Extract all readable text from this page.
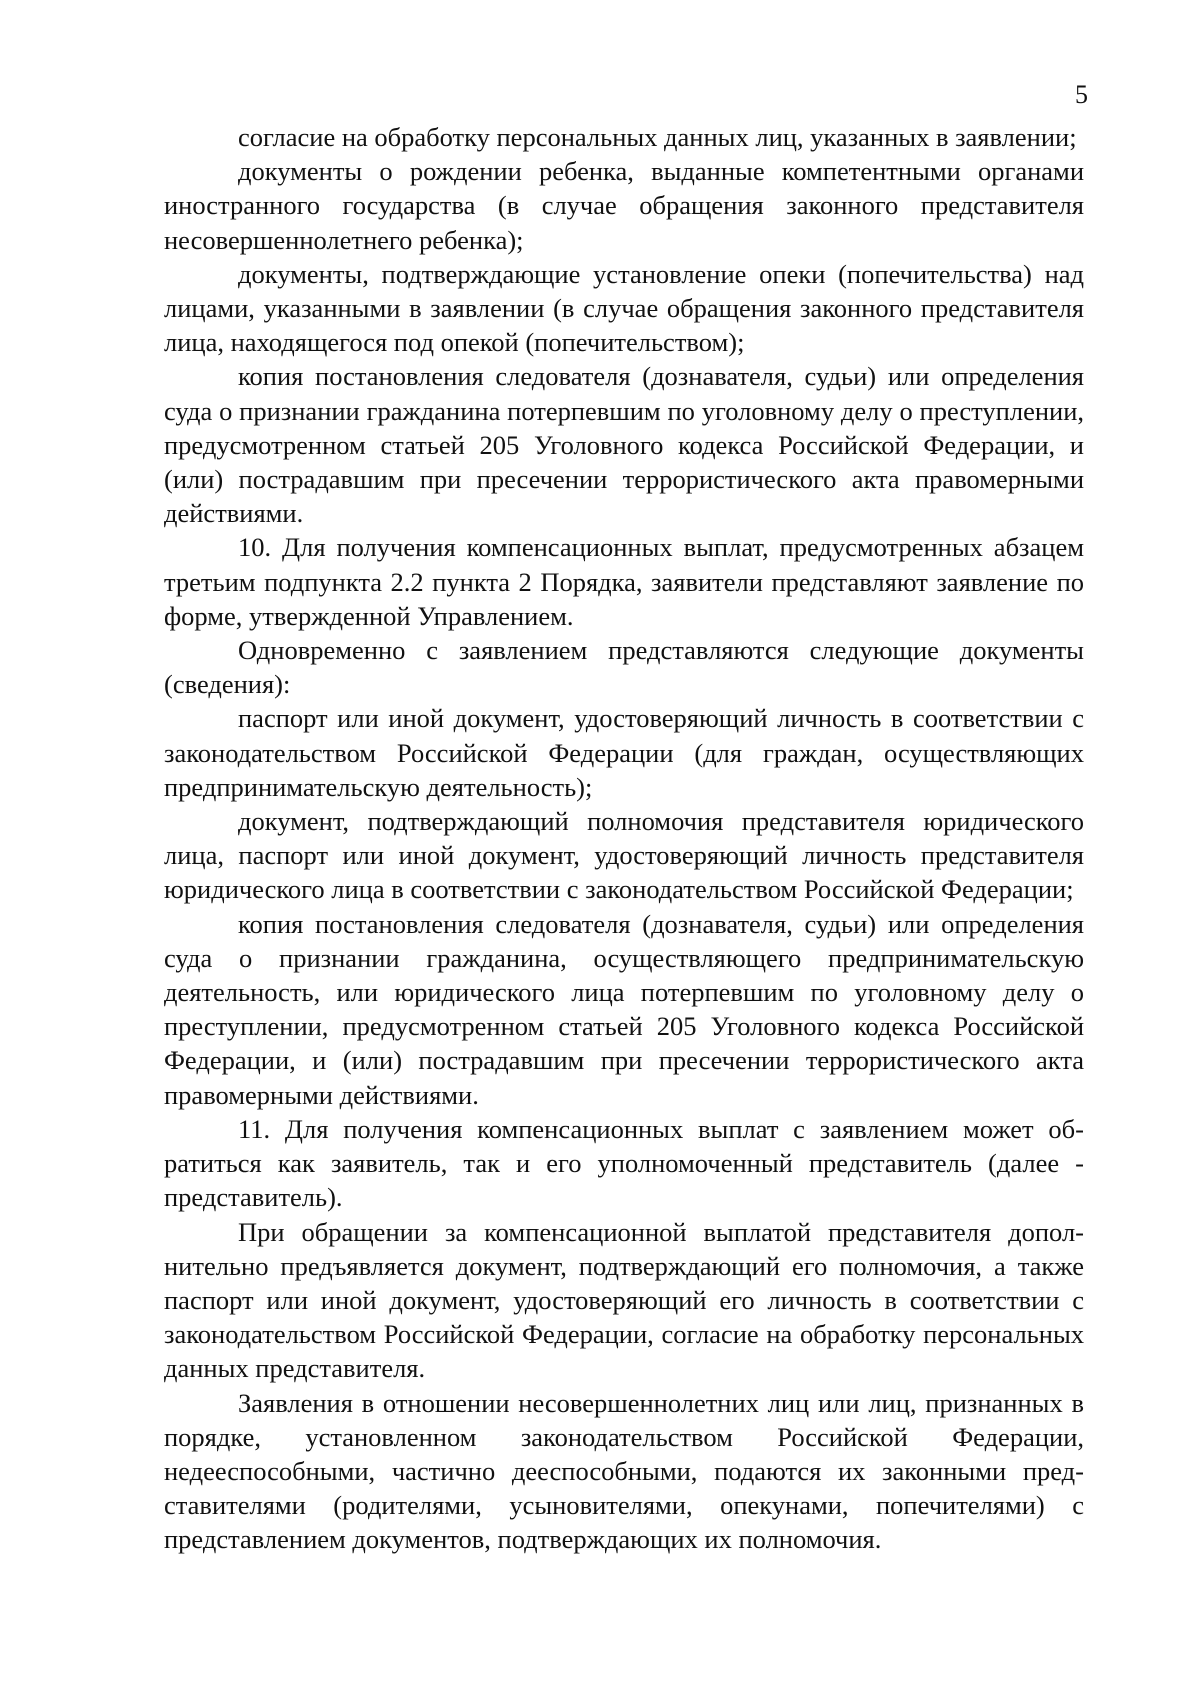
5

согласие на обработку персональных данных лиц, указанных в заявлении;

документы о рождении ребенка, выданные компетентными органами иностранного государства (в случае обращения законного представителя несовершеннолетнего ребенка);

документы, подтверждающие установление опеки (попечительства) над лицами, указанными в заявлении (в случае обращения законного представителя лица, находящегося под опекой (попечительством);

копия постановления следователя (дознавателя, судьи) или определения суда о признании гражданина потерпевшим по уголовному делу о преступлении, предусмотренном статьей 205 Уголовного кодекса Российской Федерации, и (или) пострадавшим при пресечении террористического акта правомерными действиями.

10. Для получения компенсационных выплат, предусмотренных абзацем третьим подпункта 2.2 пункта 2 Порядка, заявители представляют заявление по форме, утвержденной Управлением.

Одновременно с заявлением представляются следующие документы (сведения):

паспорт или иной документ, удостоверяющий личность в соответствии с законодательством Российской Федерации (для граждан, осуществляющих предпринимательскую деятельность);

документ, подтверждающий полномочия представителя юридического лица, паспорт или иной документ, удостоверяющий личность представителя юридического лица в соответствии с законодательством Российской Федерации;

копия постановления следователя (дознавателя, судьи) или определения суда о признании гражданина, осуществляющего предпринимательскую деятельность, или юридического лица потерпевшим по уголовному делу о преступлении, предусмотренном статьей 205 Уголовного кодекса Российской Федерации, и (или) пострадавшим при пресечении террористического акта правомерными действиями.

11. Для получения компенсационных выплат с заявлением может обратиться как заявитель, так и его уполномоченный представитель (далее - представитель).

При обращении за компенсационной выплатой представителя дополнительно предъявляется документ, подтверждающий его полномочия, а также паспорт или иной документ, удостоверяющий его личность в соответствии с законодательством Российской Федерации, согласие на обработку персональных данных представителя.

Заявления в отношении несовершеннолетних лиц или лиц, признанных в порядке, установленном законодательством Российской Федерации, недееспособными, частично дееспособными, подаются их законными представителями (родителями, усыновителями, опекунами, попечителями) с представлением документов, подтверждающих их полномочия.
